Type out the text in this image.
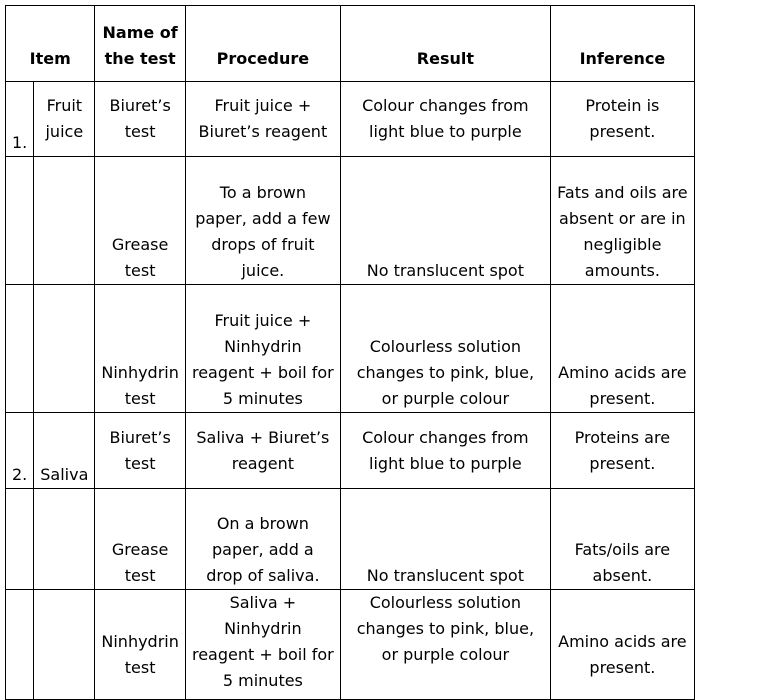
Item		Name of the test	Procedure	Result	Inference
1.	Fruit juice	Biuret’s test	Fruit juice + Biuret’s reagent	Colour changes from light blue to purple	Protein is present.
		Grease test	To a brown paper, add a few drops of fruit juice.	No translucent spot	Fats and oils are absent or are in negligible amounts.
		Ninhydrin test	Fruit juice + Ninhydrin reagent + boil for 5 minutes	Colourless solution changes to pink, blue, or purple colour	Amino acids are present.
2.	Saliva	Biuret’s test	Saliva + Biuret’s reagent	Colour changes from light blue to purple	Proteins are present.
		Grease test	On a brown paper, add a drop of saliva.	No translucent spot	Fats/oils are absent.
		Ninhydrin test	Saliva + Ninhydrin reagent + boil for 5 minutes	Colourless solution changes to pink, blue, or purple colour	Amino acids are present.
